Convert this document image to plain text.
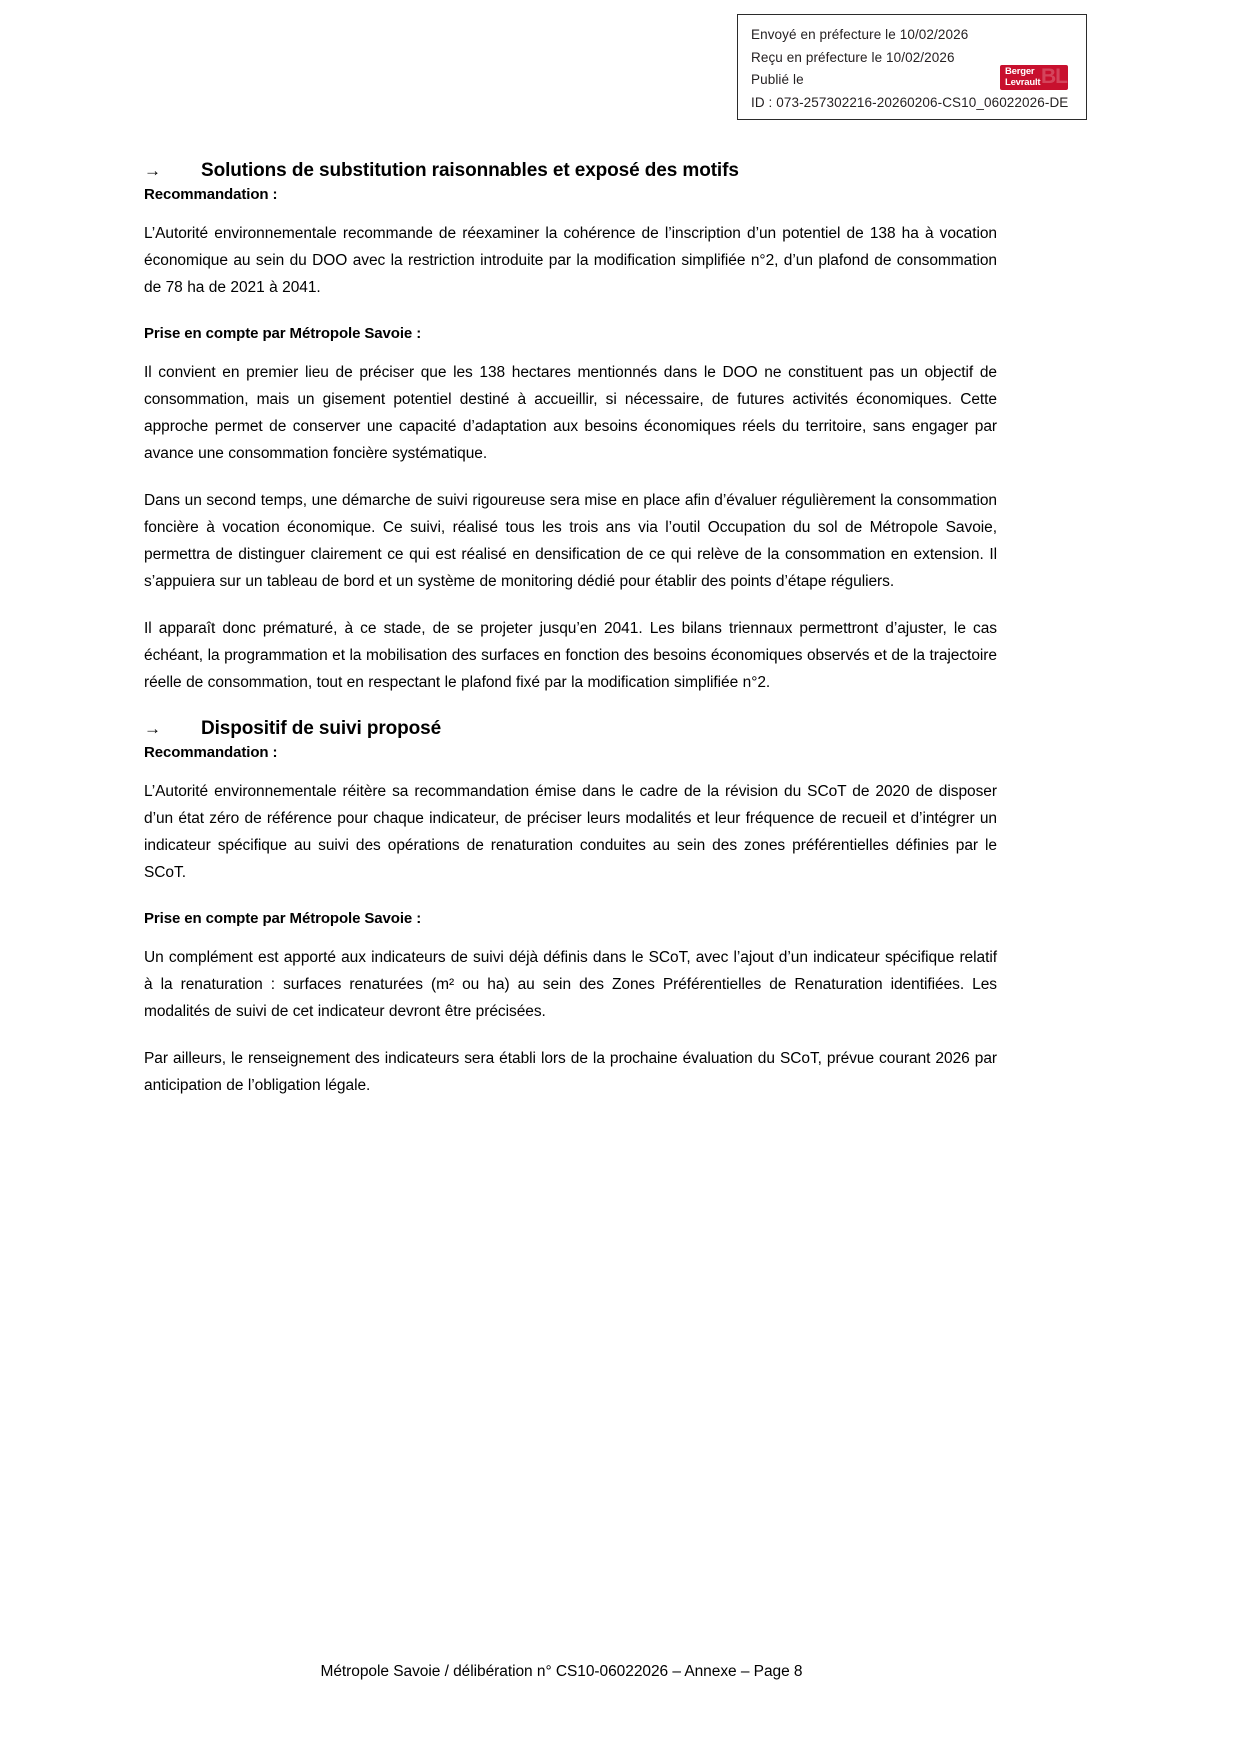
Envoyé en préfecture le 10/02/2026
Reçu en préfecture le 10/02/2026
Publié le
ID : 073-257302216-20260206-CS10_06022026-DE
BL
Berger
Levrault
→	Solutions de substitution raisonnables et exposé des motifs

Recommandation :

L’Autorité environnementale recommande de réexaminer la cohérence de l’inscription d’un potentiel de 138 ha à vocation économique au sein du DOO avec la restriction introduite par la modification simplifiée n°2, d’un plafond de consommation de 78 ha de 2021 à 2041.

Prise en compte par Métropole Savoie :

Il convient en premier lieu de préciser que les 138 hectares mentionnés dans le DOO ne constituent pas un objectif de consommation, mais un gisement potentiel destiné à accueillir, si nécessaire, de futures activités économiques. Cette approche permet de conserver une capacité d’adaptation aux besoins économiques réels du territoire, sans engager par avance une consommation foncière systématique.

Dans un second temps, une démarche de suivi rigoureuse sera mise en place afin d’évaluer régulièrement la consommation foncière à vocation économique. Ce suivi, réalisé tous les trois ans via l’outil Occupation du sol de Métropole Savoie, permettra de distinguer clairement ce qui est réalisé en densification de ce qui relève de la consommation en extension. Il s’appuiera sur un tableau de bord et un système de monitoring dédié pour établir des points d’étape réguliers.

Il apparaît donc prématuré, à ce stade, de se projeter jusqu’en 2041. Les bilans triennaux permettront d’ajuster, le cas échéant, la programmation et la mobilisation des surfaces en fonction des besoins économiques observés et de la trajectoire réelle de consommation, tout en respectant le plafond fixé par la modification simplifiée n°2.

→	Dispositif de suivi proposé

Recommandation :

L’Autorité environnementale réitère sa recommandation émise dans le cadre de la révision du SCoT de 2020 de disposer d’un état zéro de référence pour chaque indicateur, de préciser leurs modalités et leur fréquence de recueil et d’intégrer un indicateur spécifique au suivi des opérations de renaturation conduites au sein des zones préférentielles définies par le SCoT.

Prise en compte par Métropole Savoie :

Un complément est apporté aux indicateurs de suivi déjà définis dans le SCoT, avec l’ajout d’un indicateur spécifique relatif à la renaturation : surfaces renaturées (m² ou ha) au sein des Zones Préférentielles de Renaturation identifiées. Les modalités de suivi de cet indicateur devront être précisées.

Par ailleurs, le renseignement des indicateurs sera établi lors de la prochaine évaluation du SCoT, prévue courant 2026 par anticipation de l’obligation légale.

Métropole Savoie / délibération n° CS10-06022026 – Annexe – Page 8
